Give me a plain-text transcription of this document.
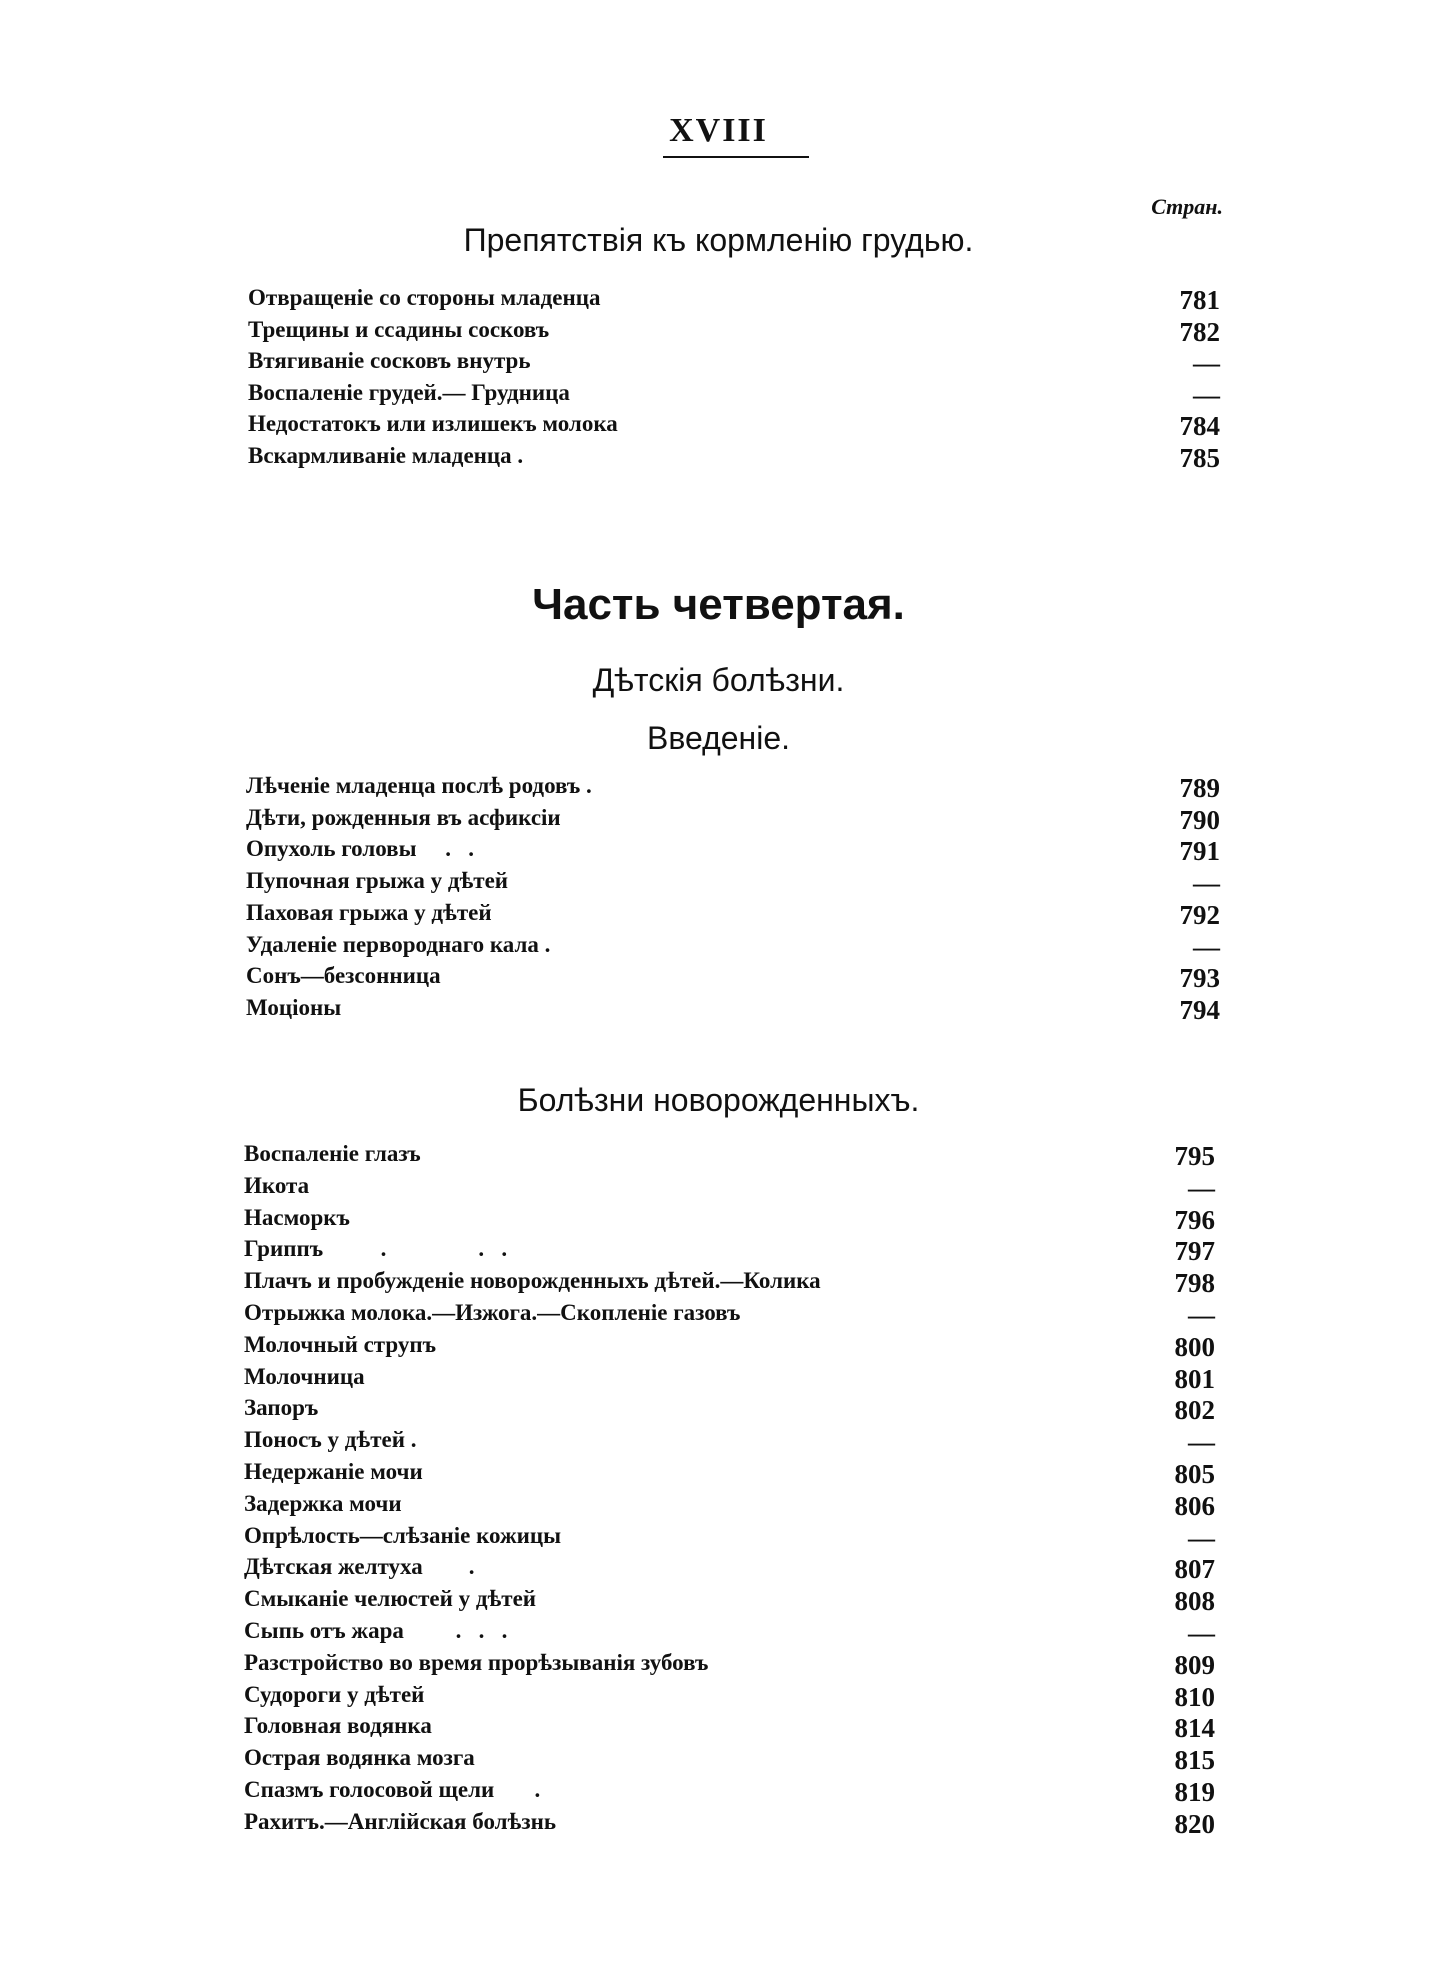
XVIII
Стран.
Препятствія къ кормленію грудью.
Отвращеніе со стороны младенца	781
Трещины и ссадины сосковъ	782
Втягиваніе сосковъ внутрь	—
Воспаленіе грудей.— Грудница	—
Недостатокъ или излишекъ молока	784
Вскармливаніе младенца .	785
Часть четвертая.
Дѣтскія болѣзни.
Введеніе.
Лѣченіе младенца послѣ родовъ .	789
Дѣти, рожденныя въ асфиксіи	790
Опухоль головы     .   .	791
Пупочная грыжа у дѣтей	—
Паховая грыжа у дѣтей	792
Удаленіе первороднаго кала .	—
Сонъ—безсонница	793
Моціоны	794
Болѣзни новорожденныхъ.
Воспаленіе глазъ	795
Икота	—
Насморкъ	796
Гриппъ          .                .   .	797
Плачъ и пробужденіе новорожденныхъ дѣтей.—Колика	798
Отрыжка молока.—Изжога.—Скопленіе газовъ	—
Молочный струпъ	800
Молочница	801
Запоръ	802
Поносъ у дѣтей .	—
Недержаніе мочи	805
Задержка мочи	806
Опрѣлость—слѣзаніе кожицы	—
Дѣтская желтуха        .	807
Смыканіе челюстей у дѣтей	808
Сыпь отъ жара         .   .   .	—
Разстройство во время прорѣзыванія зубовъ	809
Судороги у дѣтей	810
Головная водянка	814
Острая водянка мозга	815
Спазмъ голосовой щели       .	819
Рахитъ.—Англійская болѣзнь	820
